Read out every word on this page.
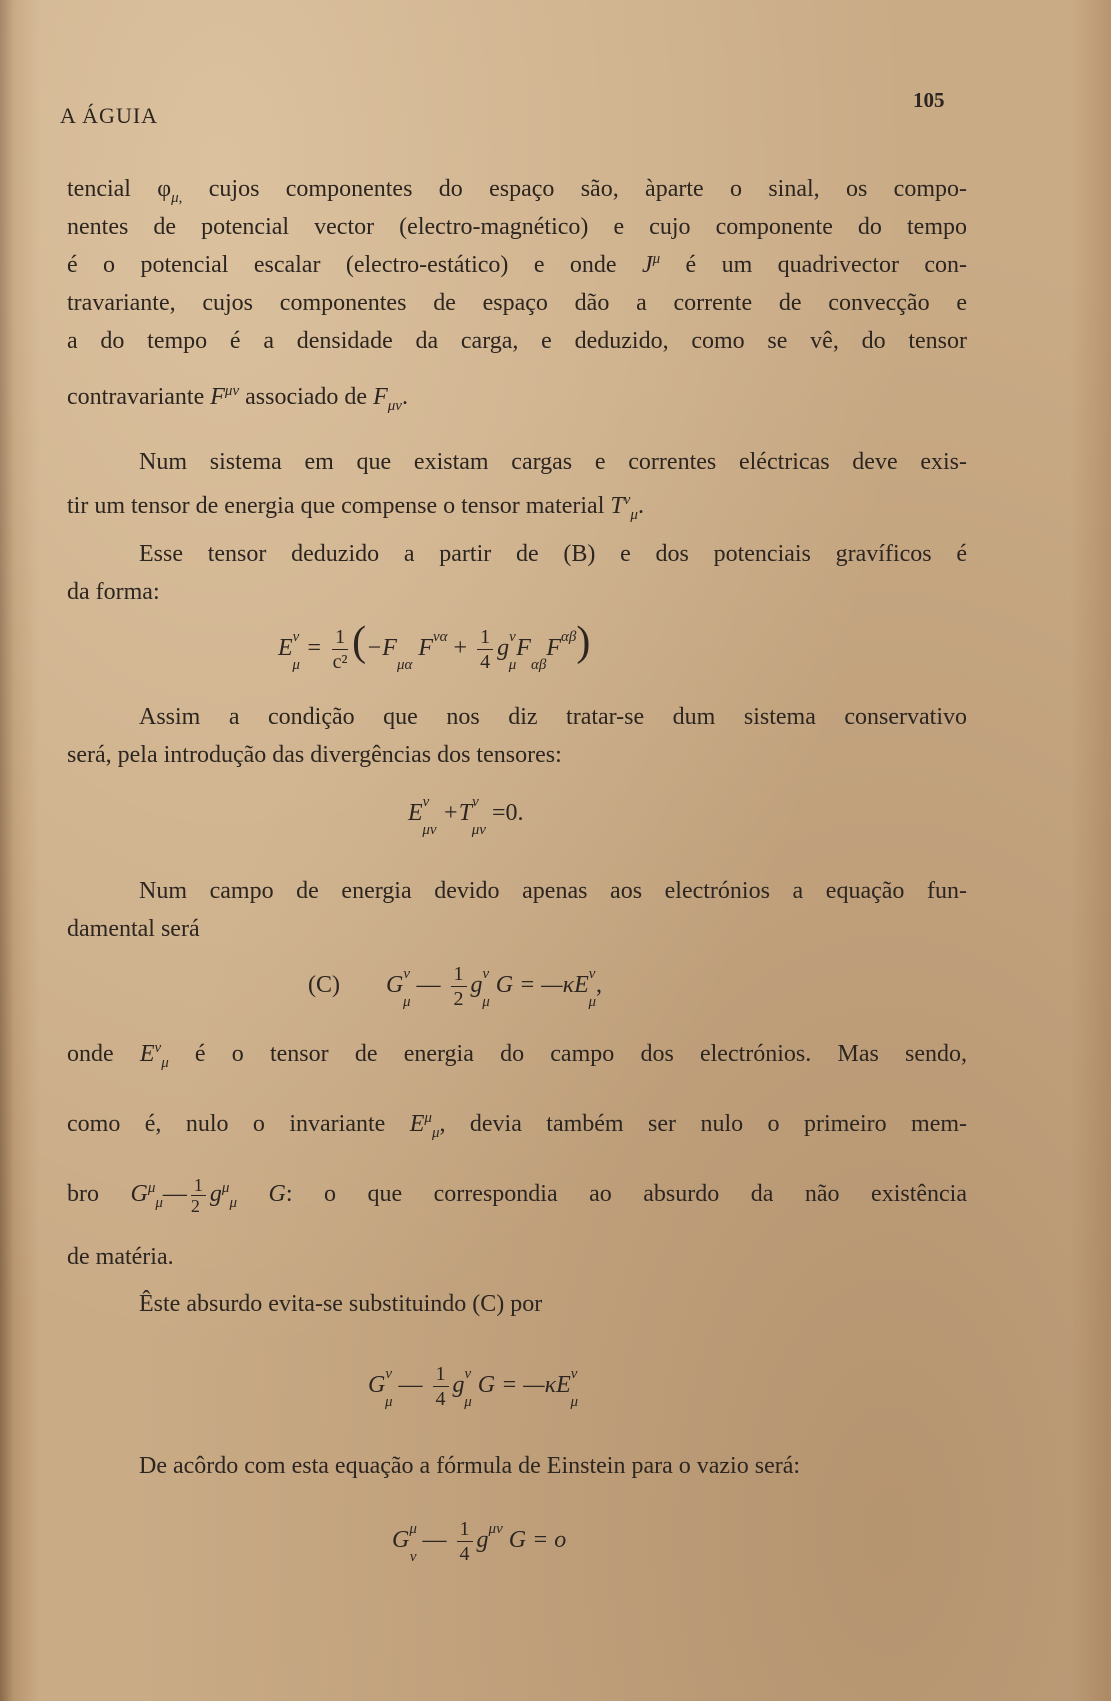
A ÁGUIA
105
tencial $\varphi_{\mu,}$ cujos componentes do espaço são, àparte o sinal, os compo-
nentes de potencial vector (electro-magnético) e cujo componente do tempo
é o potencial escalar (electro-estático) e onde $J^\mu$ é um quadrivector con-
travariante, cujos componentes de espaço dão a corrente de convecção e
a do tempo é a densidade da carga, e deduzido, como se vê, do tensor
contravariante $F^{\mu\nu}$ associado de $F_{\mu\nu}$.
Num sistema em que existam cargas e correntes eléctricas deve exis-
tir um tensor de energia que compense o tensor material $T^\nu_\mu$.
Esse tensor deduzido a partir de (B) e dos potenciais gravíficos é
da forma:
$E^\nu_\mu = \frac{1}{\text{c²}} (-F_{\mu\alpha}$ $F^{\nu\alpha} + \frac{1}{4} g^\nu_\mu F_{\alpha\beta}F^{\alpha\beta}$)
Assim a condição que nos diz tratar-se dum sistema conservativo
será, pela introdução das divergências dos tensores:
$E^\nu_{\mu\nu} +T^\nu_{\mu\nu} =0$.
Num campo de energia devido apenas aos electrónios a equação fun-
damental será
(C) $G^\nu_\mu$ — $\frac{1}{2} g^\nu_\mu$ $G = —\kappa E^\nu_\mu$,
onde $E^\nu_\mu$ é o tensor de energia do campo dos electrónios. Mas sendo,
como é, nulo o invariante $E^\mu_\mu$, devia também ser nulo o primeiro mem-
bro $G^\mu_\mu— \frac{1}{2} g^\mu_\mu$ G: o que correspondia ao absurdo da não existência
de matéria.
Êste absurdo evita-se substituindo (C) por
$G^\nu_\mu$ — $\frac{1}{4} g^\nu_\mu$ $G = —\kappa E^\nu_\mu$
De acôrdo com esta equação a fórmula de Einstein para o vazio será:
$G^\mu_\nu$ — $\frac{1}{4} g^{\mu\nu}$ G = o
